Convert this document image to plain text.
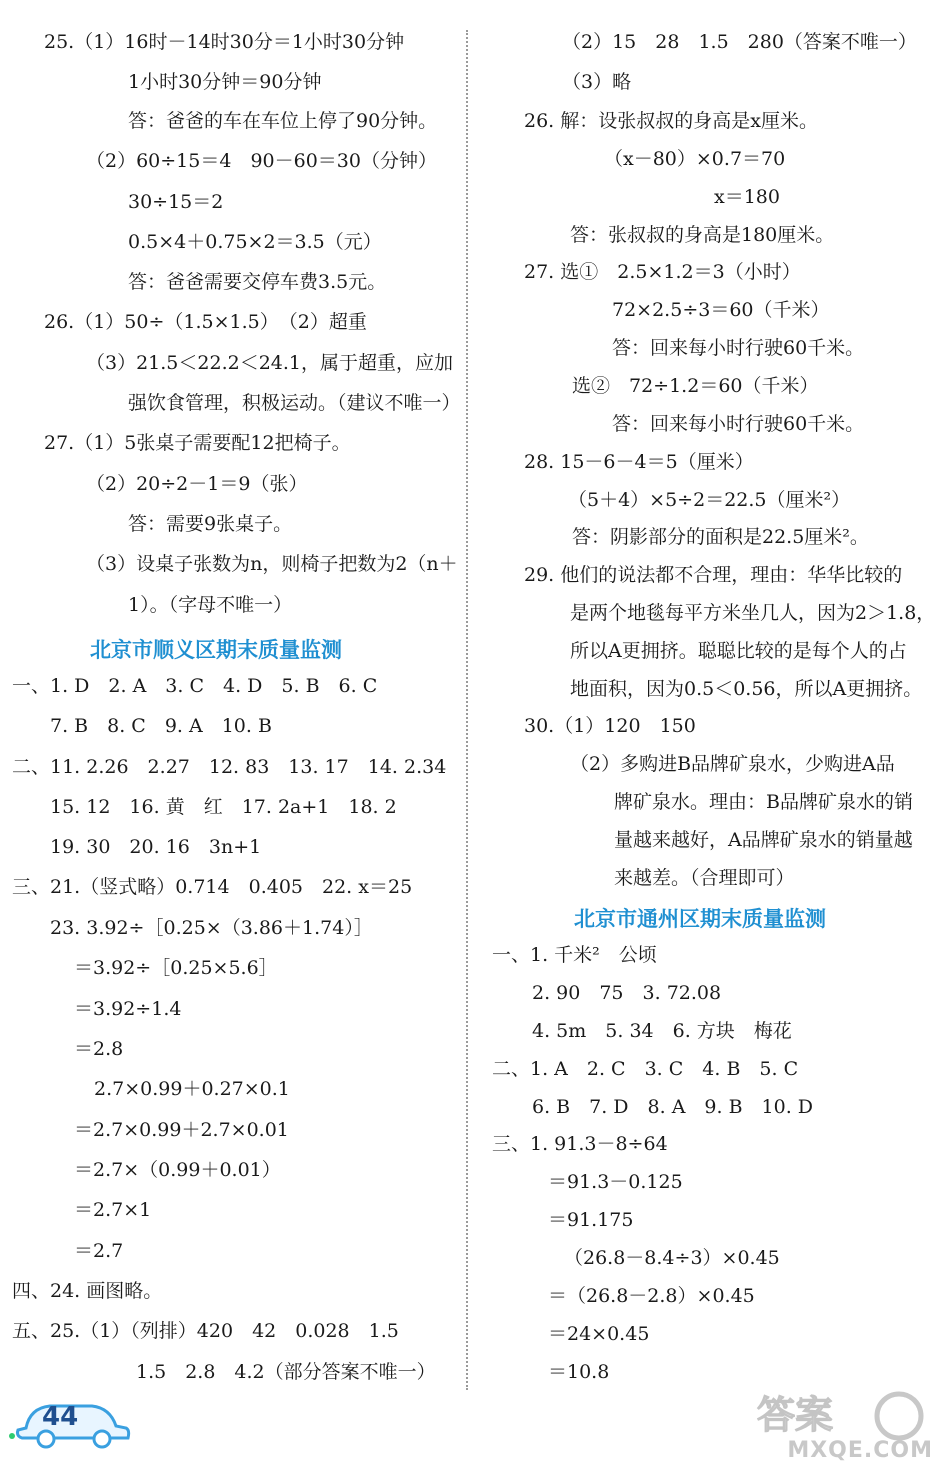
25.（1）16时－14时30分＝1小时30分钟
1小时30分钟＝90分钟
答：爸爸的车在车位上停了90分钟。
（2）60÷15＝4　90－60＝30（分钟）
30÷15＝2
0.5×4＋0.75×2＝3.5（元）
答：爸爸需要交停车费3.5元。
26.（1）50÷（1.5×1.5）　（2）超重
（3）21.5＜22.2＜24.1，属于超重，应加
强饮食管理，积极运动。（建议不唯一）
27.（1）5张桌子需要配12把椅子。
（2）20÷2－1＝9（张）
答：需要9张桌子。
（3）设桌子张数为n，则椅子把数为2（n＋
1）。（字母不唯一）
一、1. D　2. A　3. C　4. D　5. B　6. C
7. B　8. C　9. A　10. B
二、11. 2.26　2.27　12. 83　13. 17　14. 2.34
15. 12　16. 黄　红　17. 2a+1　18. 2
19. 30　20. 16　3n+1
三、21.（竖式略）0.714　0.405　22. x＝25
23. 3.92÷［0.25×（3.86＋1.74）］
＝3.92÷［0.25×5.6］
＝3.92÷1.4
＝2.8
2.7×0.99＋0.27×0.1
＝2.7×0.99＋2.7×0.01
＝2.7×（0.99＋0.01）
＝2.7×1
＝2.7
四、24. 画图略。
五、25.（1）（列排）420　42　0.028　1.5
1.5　2.8　4.2（部分答案不唯一）
北京市顺义区期末质量监测
（2）15　28　1.5　280（答案不唯一）
（3）略
26. 解：设张叔叔的身高是x厘米。
（x－80）×0.7＝70
x＝180
答：张叔叔的身高是180厘米。
27. 选①　2.5×1.2＝3（小时）
72×2.5÷3＝60（千米）
答：回来每小时行驶60千米。
选②　72÷1.2＝60（千米）
答：回来每小时行驶60千米。
28. 15－6－4＝5（厘米）
（5＋4）×5÷2＝22.5（厘米²）
答：阴影部分的面积是22.5厘米²。
29. 他们的说法都不合理，理由：华华比较的
是两个地毯每平方米坐几人，因为2＞1.8，
所以A更拥挤。聪聪比较的是每个人的占
地面积，因为0.5＜0.56，所以A更拥挤。
30.（1）120　150
（2）多购进B品牌矿泉水，少购进A品
牌矿泉水。理由：B品牌矿泉水的销
量越来越好，A品牌矿泉水的销量越
来越差。（合理即可）
一、1. 千米²　公顷
2. 90　75　3. 72.08
4. 5m　5. 34　6. 方块　梅花
二、1. A　2. C　3. C　4. B　5. C
6. B　7. D　8. A　9. B　10. D
三、1. 91.3－8÷64
＝91.3－0.125
＝91.175
（26.8－8.4÷3）×0.45
＝（26.8－2.8）×0.45
＝24×0.45
＝10.8
北京市通州区期末质量监测
44	答案
MXQE.COM
